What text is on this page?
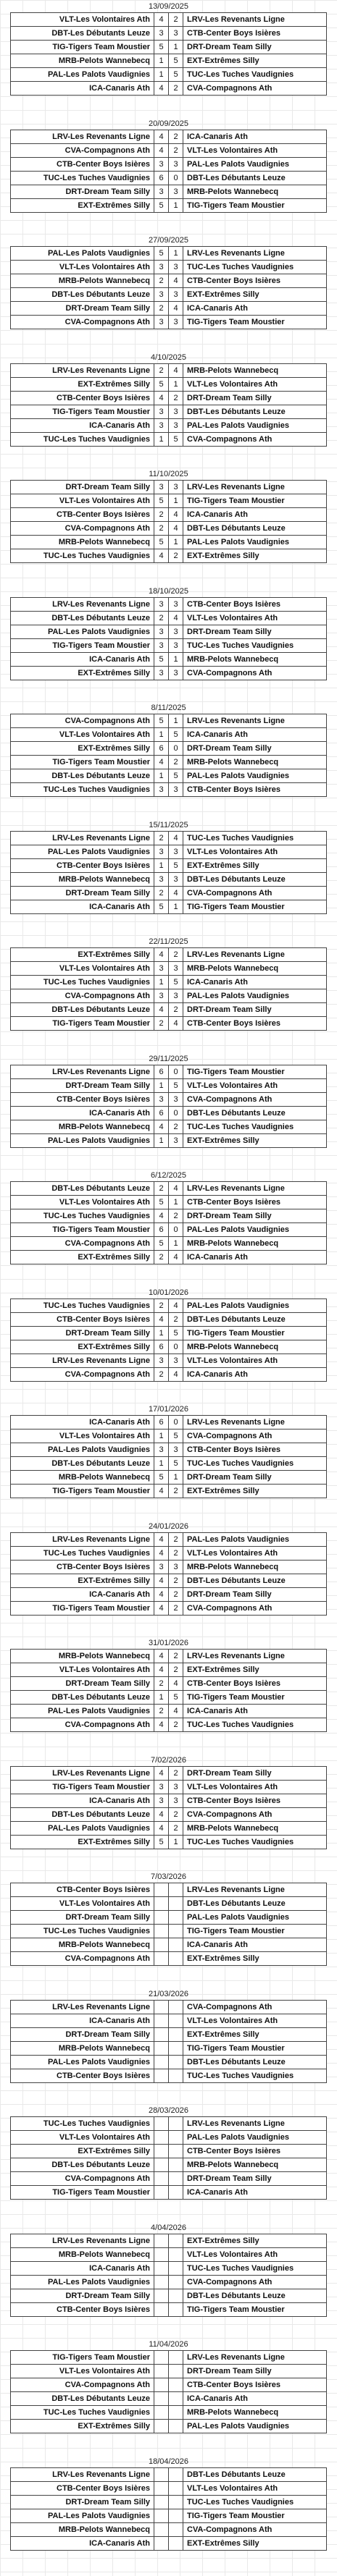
13/09/2025
VLT-Les Volontaires Ath	4	2	LRV-Les Revenants Ligne
DBT-Les Débutants Leuze	3	3	CTB-Center Boys Isières
TIG-Tigers Team Moustier	5	1	DRT-Dream Team Silly
MRB-Pelots Wannebecq	1	5	EXT-Extrêmes Silly
PAL-Les Palots Vaudignies	1	5	TUC-Les Tuches Vaudignies
ICA-Canaris Ath	4	2	CVA-Compagnons Ath
20/09/2025
LRV-Les Revenants Ligne	4	2	ICA-Canaris Ath
CVA-Compagnons Ath	4	2	VLT-Les Volontaires Ath
CTB-Center Boys Isières	3	3	PAL-Les Palots Vaudignies
TUC-Les Tuches Vaudignies	6	0	DBT-Les Débutants Leuze
DRT-Dream Team Silly	3	3	MRB-Pelots Wannebecq
EXT-Extrêmes Silly	5	1	TIG-Tigers Team Moustier
27/09/2025
PAL-Les Palots Vaudignies	5	1	LRV-Les Revenants Ligne
VLT-Les Volontaires Ath	3	3	TUC-Les Tuches Vaudignies
MRB-Pelots Wannebecq	2	4	CTB-Center Boys Isières
DBT-Les Débutants Leuze	3	3	EXT-Extrêmes Silly
DRT-Dream Team Silly	2	4	ICA-Canaris Ath
CVA-Compagnons Ath	3	3	TIG-Tigers Team Moustier
4/10/2025
LRV-Les Revenants Ligne	2	4	MRB-Pelots Wannebecq
EXT-Extrêmes Silly	5	1	VLT-Les Volontaires Ath
CTB-Center Boys Isières	4	2	DRT-Dream Team Silly
TIG-Tigers Team Moustier	3	3	DBT-Les Débutants Leuze
ICA-Canaris Ath	3	3	PAL-Les Palots Vaudignies
TUC-Les Tuches Vaudignies	1	5	CVA-Compagnons Ath
11/10/2025
DRT-Dream Team Silly	3	3	LRV-Les Revenants Ligne
VLT-Les Volontaires Ath	5	1	TIG-Tigers Team Moustier
CTB-Center Boys Isières	2	4	ICA-Canaris Ath
CVA-Compagnons Ath	2	4	DBT-Les Débutants Leuze
MRB-Pelots Wannebecq	5	1	PAL-Les Palots Vaudignies
TUC-Les Tuches Vaudignies	4	2	EXT-Extrêmes Silly
18/10/2025
LRV-Les Revenants Ligne	3	3	CTB-Center Boys Isières
DBT-Les Débutants Leuze	2	4	VLT-Les Volontaires Ath
PAL-Les Palots Vaudignies	3	3	DRT-Dream Team Silly
TIG-Tigers Team Moustier	3	3	TUC-Les Tuches Vaudignies
ICA-Canaris Ath	5	1	MRB-Pelots Wannebecq
EXT-Extrêmes Silly	3	3	CVA-Compagnons Ath
8/11/2025
CVA-Compagnons Ath	5	1	LRV-Les Revenants Ligne
VLT-Les Volontaires Ath	1	5	ICA-Canaris Ath
EXT-Extrêmes Silly	6	0	DRT-Dream Team Silly
TIG-Tigers Team Moustier	4	2	MRB-Pelots Wannebecq
DBT-Les Débutants Leuze	1	5	PAL-Les Palots Vaudignies
TUC-Les Tuches Vaudignies	3	3	CTB-Center Boys Isières
15/11/2025
LRV-Les Revenants Ligne	2	4	TUC-Les Tuches Vaudignies
PAL-Les Palots Vaudignies	3	3	VLT-Les Volontaires Ath
CTB-Center Boys Isières	1	5	EXT-Extrêmes Silly
MRB-Pelots Wannebecq	3	3	DBT-Les Débutants Leuze
DRT-Dream Team Silly	2	4	CVA-Compagnons Ath
ICA-Canaris Ath	5	1	TIG-Tigers Team Moustier
22/11/2025
EXT-Extrêmes Silly	4	2	LRV-Les Revenants Ligne
VLT-Les Volontaires Ath	3	3	MRB-Pelots Wannebecq
TUC-Les Tuches Vaudignies	1	5	ICA-Canaris Ath
CVA-Compagnons Ath	3	3	PAL-Les Palots Vaudignies
DBT-Les Débutants Leuze	4	2	DRT-Dream Team Silly
TIG-Tigers Team Moustier	2	4	CTB-Center Boys Isières
29/11/2025
LRV-Les Revenants Ligne	6	0	TIG-Tigers Team Moustier
DRT-Dream Team Silly	1	5	VLT-Les Volontaires Ath
CTB-Center Boys Isières	3	3	CVA-Compagnons Ath
ICA-Canaris Ath	6	0	DBT-Les Débutants Leuze
MRB-Pelots Wannebecq	4	2	TUC-Les Tuches Vaudignies
PAL-Les Palots Vaudignies	1	3	EXT-Extrêmes Silly
6/12/2025
DBT-Les Débutants Leuze	2	4	LRV-Les Revenants Ligne
VLT-Les Volontaires Ath	5	1	CTB-Center Boys Isières
TUC-Les Tuches Vaudignies	4	2	DRT-Dream Team Silly
TIG-Tigers Team Moustier	6	0	PAL-Les Palots Vaudignies
CVA-Compagnons Ath	5	1	MRB-Pelots Wannebecq
EXT-Extrêmes Silly	2	4	ICA-Canaris Ath
10/01/2026
TUC-Les Tuches Vaudignies	2	4	PAL-Les Palots Vaudignies
CTB-Center Boys Isières	4	2	DBT-Les Débutants Leuze
DRT-Dream Team Silly	1	5	TIG-Tigers Team Moustier
EXT-Extrêmes Silly	6	0	MRB-Pelots Wannebecq
LRV-Les Revenants Ligne	3	3	VLT-Les Volontaires Ath
CVA-Compagnons Ath	2	4	ICA-Canaris Ath
17/01/2026
ICA-Canaris Ath	6	0	LRV-Les Revenants Ligne
VLT-Les Volontaires Ath	1	5	CVA-Compagnons Ath
PAL-Les Palots Vaudignies	3	3	CTB-Center Boys Isières
DBT-Les Débutants Leuze	1	5	TUC-Les Tuches Vaudignies
MRB-Pelots Wannebecq	5	1	DRT-Dream Team Silly
TIG-Tigers Team Moustier	4	2	EXT-Extrêmes Silly
24/01/2026
LRV-Les Revenants Ligne	4	2	PAL-Les Palots Vaudignies
TUC-Les Tuches Vaudignies	4	2	VLT-Les Volontaires Ath
CTB-Center Boys Isières	3	3	MRB-Pelots Wannebecq
EXT-Extrêmes Silly	4	2	DBT-Les Débutants Leuze
ICA-Canaris Ath	4	2	DRT-Dream Team Silly
TIG-Tigers Team Moustier	4	2	CVA-Compagnons Ath
31/01/2026
MRB-Pelots Wannebecq	4	2	LRV-Les Revenants Ligne
VLT-Les Volontaires Ath	4	2	EXT-Extrêmes Silly
DRT-Dream Team Silly	2	4	CTB-Center Boys Isières
DBT-Les Débutants Leuze	1	5	TIG-Tigers Team Moustier
PAL-Les Palots Vaudignies	2	4	ICA-Canaris Ath
CVA-Compagnons Ath	4	2	TUC-Les Tuches Vaudignies
7/02/2026
LRV-Les Revenants Ligne	4	2	DRT-Dream Team Silly
TIG-Tigers Team Moustier	3	3	VLT-Les Volontaires Ath
ICA-Canaris Ath	3	3	CTB-Center Boys Isières
DBT-Les Débutants Leuze	4	2	CVA-Compagnons Ath
PAL-Les Palots Vaudignies	4	2	MRB-Pelots Wannebecq
EXT-Extrêmes Silly	5	1	TUC-Les Tuches Vaudignies
7/03/2026
CTB-Center Boys Isières			LRV-Les Revenants Ligne
VLT-Les Volontaires Ath			DBT-Les Débutants Leuze
DRT-Dream Team Silly			PAL-Les Palots Vaudignies
TUC-Les Tuches Vaudignies			TIG-Tigers Team Moustier
MRB-Pelots Wannebecq			ICA-Canaris Ath
CVA-Compagnons Ath			EXT-Extrêmes Silly
21/03/2026
LRV-Les Revenants Ligne			CVA-Compagnons Ath
ICA-Canaris Ath			VLT-Les Volontaires Ath
DRT-Dream Team Silly			EXT-Extrêmes Silly
MRB-Pelots Wannebecq			TIG-Tigers Team Moustier
PAL-Les Palots Vaudignies			DBT-Les Débutants Leuze
CTB-Center Boys Isières			TUC-Les Tuches Vaudignies
28/03/2026
TUC-Les Tuches Vaudignies			LRV-Les Revenants Ligne
VLT-Les Volontaires Ath			PAL-Les Palots Vaudignies
EXT-Extrêmes Silly			CTB-Center Boys Isières
DBT-Les Débutants Leuze			MRB-Pelots Wannebecq
CVA-Compagnons Ath			DRT-Dream Team Silly
TIG-Tigers Team Moustier			ICA-Canaris Ath
4/04/2026
LRV-Les Revenants Ligne			EXT-Extrêmes Silly
MRB-Pelots Wannebecq			VLT-Les Volontaires Ath
ICA-Canaris Ath			TUC-Les Tuches Vaudignies
PAL-Les Palots Vaudignies			CVA-Compagnons Ath
DRT-Dream Team Silly			DBT-Les Débutants Leuze
CTB-Center Boys Isières			TIG-Tigers Team Moustier
11/04/2026
TIG-Tigers Team Moustier			LRV-Les Revenants Ligne
VLT-Les Volontaires Ath			DRT-Dream Team Silly
CVA-Compagnons Ath			CTB-Center Boys Isières
DBT-Les Débutants Leuze			ICA-Canaris Ath
TUC-Les Tuches Vaudignies			MRB-Pelots Wannebecq
EXT-Extrêmes Silly			PAL-Les Palots Vaudignies
18/04/2026
LRV-Les Revenants Ligne			DBT-Les Débutants Leuze
CTB-Center Boys Isières			VLT-Les Volontaires Ath
DRT-Dream Team Silly			TUC-Les Tuches Vaudignies
PAL-Les Palots Vaudignies			TIG-Tigers Team Moustier
MRB-Pelots Wannebecq			CVA-Compagnons Ath
ICA-Canaris Ath			EXT-Extrêmes Silly
